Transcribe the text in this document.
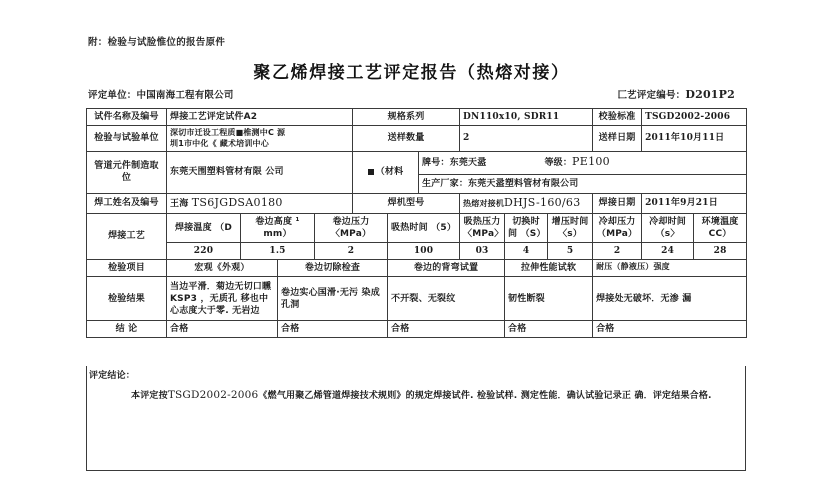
附：检验与试脸惟位的报告原件
聚乙烯焊接工艺评定报告（热熔对接）
评定单位：中国南海工程有限公司	匚艺评定编号：D201P2
试件名称及编号	焊接工艺评定试件A2				规格系列			DN110x10, SDR11			校验标准	TSGD2002-2006	
检验与试验单位	深切市迁设工程质■椎测中C 源
圳1市中化《 藏术培训中心				送样数量			2			送样日期	2011年10月11日	
管道元件制造取位	东莞天围塑料管材有限 公司				（材料		牌号：东莞天盝 等级：PE100
生产厂家：东莞天盝塑料管材有限公司						

焊工姓名及编号	王海 TS6JGDSA0180				焊机型号			热熔对接机DHJS-160/63			焊接日期	2011年9月21日	
焊接工艺	焊接温度 （D	卷边高度 ¹ mm）		卷边压力 〈MPa）		吸热时间 （5）		吸热压力 〈MPa〉	切换时间 （S）	增压时间 〈s）	冷却压力 （MPa）	冷却时间 （s〉	环境温度 CC）
	220	1.5		2		100		03	4	5	2	24	28
检验项目	宏观《外观）		卷边切除检查			卷边的背弯试置			拉伸性能试软		耐压（静液压）强度		
检验结果	当边平滑．菊边无切口矄 KSP3 ，无质孔 移也中 心志度大于零. 无岩边		卷边实心国滑·无污 染成孔洞			不开裂、无裂纹			韧性断裂		焊接处无破坏．无渗 漏		
结 论	合格		合格			合格			合格		合格		
评定结论：
本评定按TSGD2002-2006《燃气用聚乙烯管道焊接技术规则》的规定焊接试件. 检验试样. 测定性能．确认试验记录正 确．评定结果合格.
